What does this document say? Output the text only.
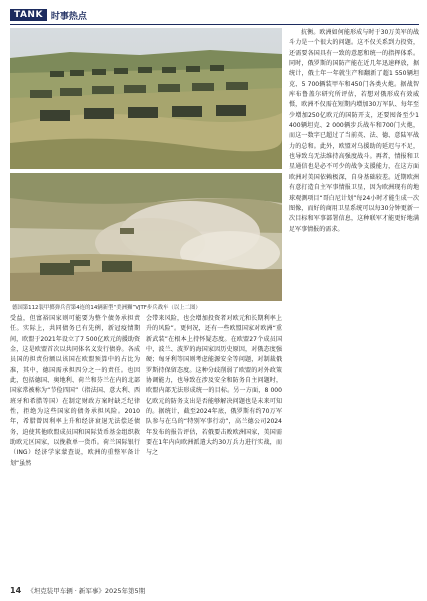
TANK 时事热点
德国第112装甲掷弹兵营第4连的14辆新型“美洲狮”VJTF步兵战车（以上二图）

抗衡。欧洲如何能形成与时于30万美军的战斗力是一个很大的问题。这不仅关系到力投资，还需要各国具有一致的意愿和统一的指挥体系。同时，俄罗斯的国防产能在近几年迅速释放，据统计，俄土年一年就生产和翻新了超1 550辆坦克、5 700辆装甲车和450门各类火炮。据战智库布鲁盖尔研究所评估，若想对俄形成有效威慑，欧洲不仅需在短期内增加30万军队、每年至少增加250亿欧元的国防开支，还要囤备至少1 400辆坦克、2 000辆步兵战车和700门火炮，而这一数字已超过了当前英、法、德、意陆军战力的总和。此外，欧盟对乌援助的延迟与不足，也导致乌无法维持高强度战斗。再者，情报和卫星通信也是必不可少的战争支援能力，在这方面欧洲对美国依赖极深，自身基础较差。近期欧洲有意打造自主军事情报卫星，因为欧洲现有的地球观测项目“哥白尼计划”每24小时才能生成一次图像，而好的商用卫星系统可以每30分钟更新一次目标和军事部署信息，这种联军才能更好地满足军事情报的需求。

受益，但富裕国家则可能要为整个债务承担责任。实际上，共同债务已有先例，新冠疫情期间，欧盟于2021年设立了7 500亿欧元的援助资金，这是欧盟首次以共同体名义发行债券。各成员国的担责份额以该国在欧盟预算中的占比为准，其中，德国需承担四分之一的责任。也因此，包括德国、奥地利、荷兰和芬兰在内的北部国家常被称为“节俭四国”（指法国、意大利、西班牙和希腊等国）在制定财政方案时缺乏纪律性，拒绝为这些国家的债务承担风险。2010年，希腊曾因利率上升和经济衰退无法偿还债务，迫使其他欧盟成员国和国际货币基金组织救助欧元区国家，以挽救单一货币。荷兰国际银行（ING）经济学家蒙查说，欧洲的重整军备计划“虽然

会带来风险，也会增加投资者对欧元和长期利率上升的风险”。更何况，还有一些欧盟国家对欧洲“重新武装”在根本上持怀疑态度。在欧盟27个成员国中，波兰、波罗的海国家因历史原因，对俄态度强硬；匈牙利等国则考虑能源安全等问题，对制裁俄罗斯持保留态度。这种分歧削弱了欧盟的对外政策协调能力，也导致在涉及安全和防务自主问题时，欧盟内部无法形成统一的目标。另一方面，8 000亿欧元的防务支出是否能够解决问题也是未来可知的。据统计，截至2024年底，俄罗斯有约70万军队参与在乌的“特别军事行动”，高兰德公司2024年发布的报告评估，若俄要击败欧洲国家，美国需要在1年内向欧洲派遣大约30万兵力进行实战，而与之

14 《坦克装甲车辆 · 新军事》2025年第5期
